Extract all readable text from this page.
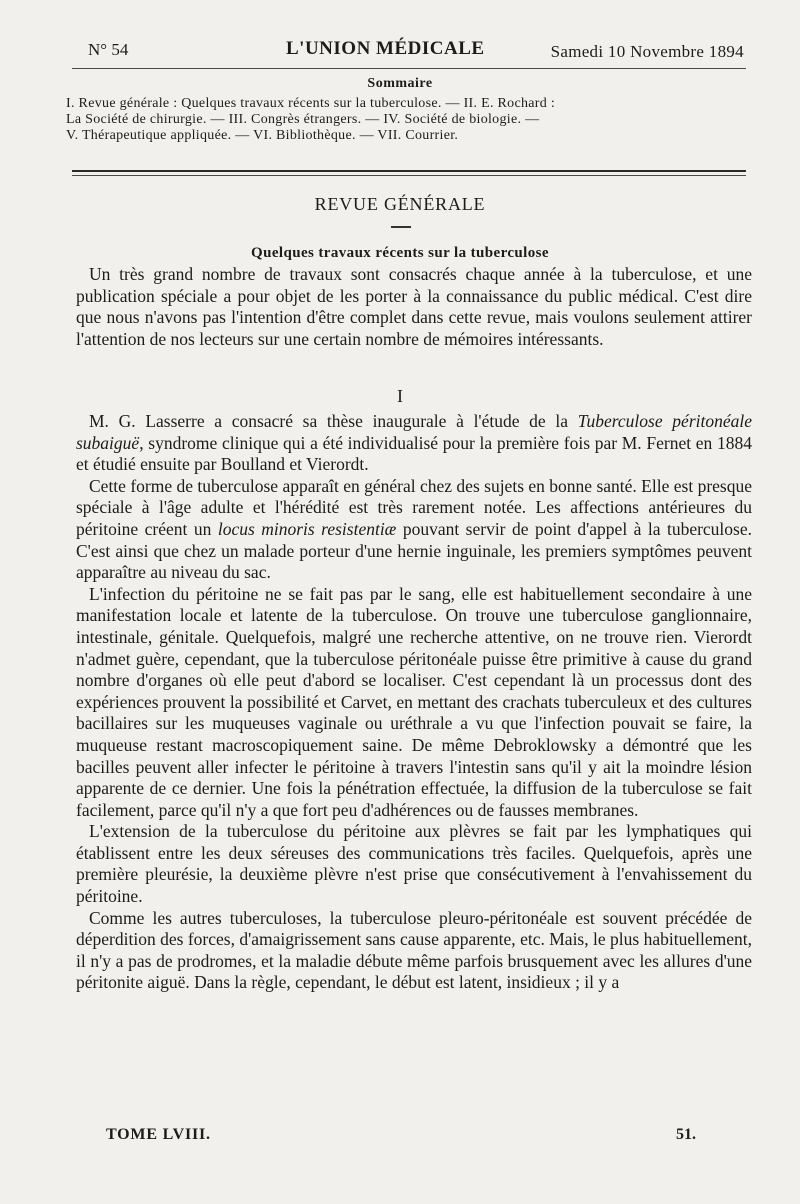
N° 54	L'UNION MÉDICALE	Samedi 10 Novembre 1894
Sommaire

I. Revue générale : Quelques travaux récents sur la tuberculose. — II. E. Rochard :

La Société de chirurgie. — III. Congrès étrangers. — IV. Société de biologie. —

V. Thérapeutique appliquée. — VI. Bibliothèque. — VII. Courrier.

REVUE GÉNÉRALE
Quelques travaux récents sur la tuberculose

Un très grand nombre de travaux sont consacrés chaque année à la tuberculose, et une publication spéciale a pour objet de les porter à la connaissance du public médical. C'est dire que nous n'avons pas l'intention d'être complet dans cette revue, mais voulons seulement attirer l'attention de nos lecteurs sur une certain nombre de mémoires intéressants.

I

M. G. Lasserre a consacré sa thèse inaugurale à l'étude de la Tuberculose péritonéale subaiguë, syndrome clinique qui a été individualisé pour la première fois par M. Fernet en 1884 et étudié ensuite par Boulland et Vierordt.

Cette forme de tuberculose apparaît en général chez des sujets en bonne santé. Elle est presque spéciale à l'âge adulte et l'hérédité est très rarement notée. Les affections antérieures du péritoine créent un locus minoris resistentiæ pouvant servir de point d'appel à la tuberculose. C'est ainsi que chez un malade porteur d'une hernie inguinale, les premiers symptômes peuvent apparaître au niveau du sac.

L'infection du péritoine ne se fait pas par le sang, elle est habituellement secondaire à une manifestation locale et latente de la tuberculose. On trouve une tuberculose ganglionnaire, intestinale, génitale. Quelquefois, malgré une recherche attentive, on ne trouve rien. Vierordt n'admet guère, cependant, que la tuberculose péritonéale puisse être primitive à cause du grand nombre d'organes où elle peut d'abord se localiser. C'est cependant là un processus dont des expériences prouvent la possibilité et Carvet, en mettant des crachats tuberculeux et des cultures bacillaires sur les muqueuses vaginale ou uréthrale a vu que l'infection pouvait se faire, la muqueuse restant macroscopiquement saine. De même Debroklowsky a démontré que les bacilles peuvent aller infecter le péritoine à travers l'intestin sans qu'il y ait la moindre lésion apparente de ce dernier. Une fois la pénétration effectuée, la diffusion de la tuberculose se fait facilement, parce qu'il n'y a que fort peu d'adhérences ou de fausses membranes.

L'extension de la tuberculose du péritoine aux plèvres se fait par les lymphatiques qui établissent entre les deux séreuses des communications très faciles. Quelquefois, après une première pleurésie, la deuxième plèvre n'est prise que consécutivement à l'envahissement du péritoine.

Comme les autres tuberculoses, la tuberculose pleuro-péritonéale est souvent précédée de déperdition des forces, d'amaigrissement sans cause apparente, etc. Mais, le plus habituellement, il n'y a pas de prodromes, et la maladie débute même parfois brusquement avec les allures d'une péritonite aiguë. Dans la règle, cependant, le début est latent, insidieux ; il y a

TOME LVIII.	51.
